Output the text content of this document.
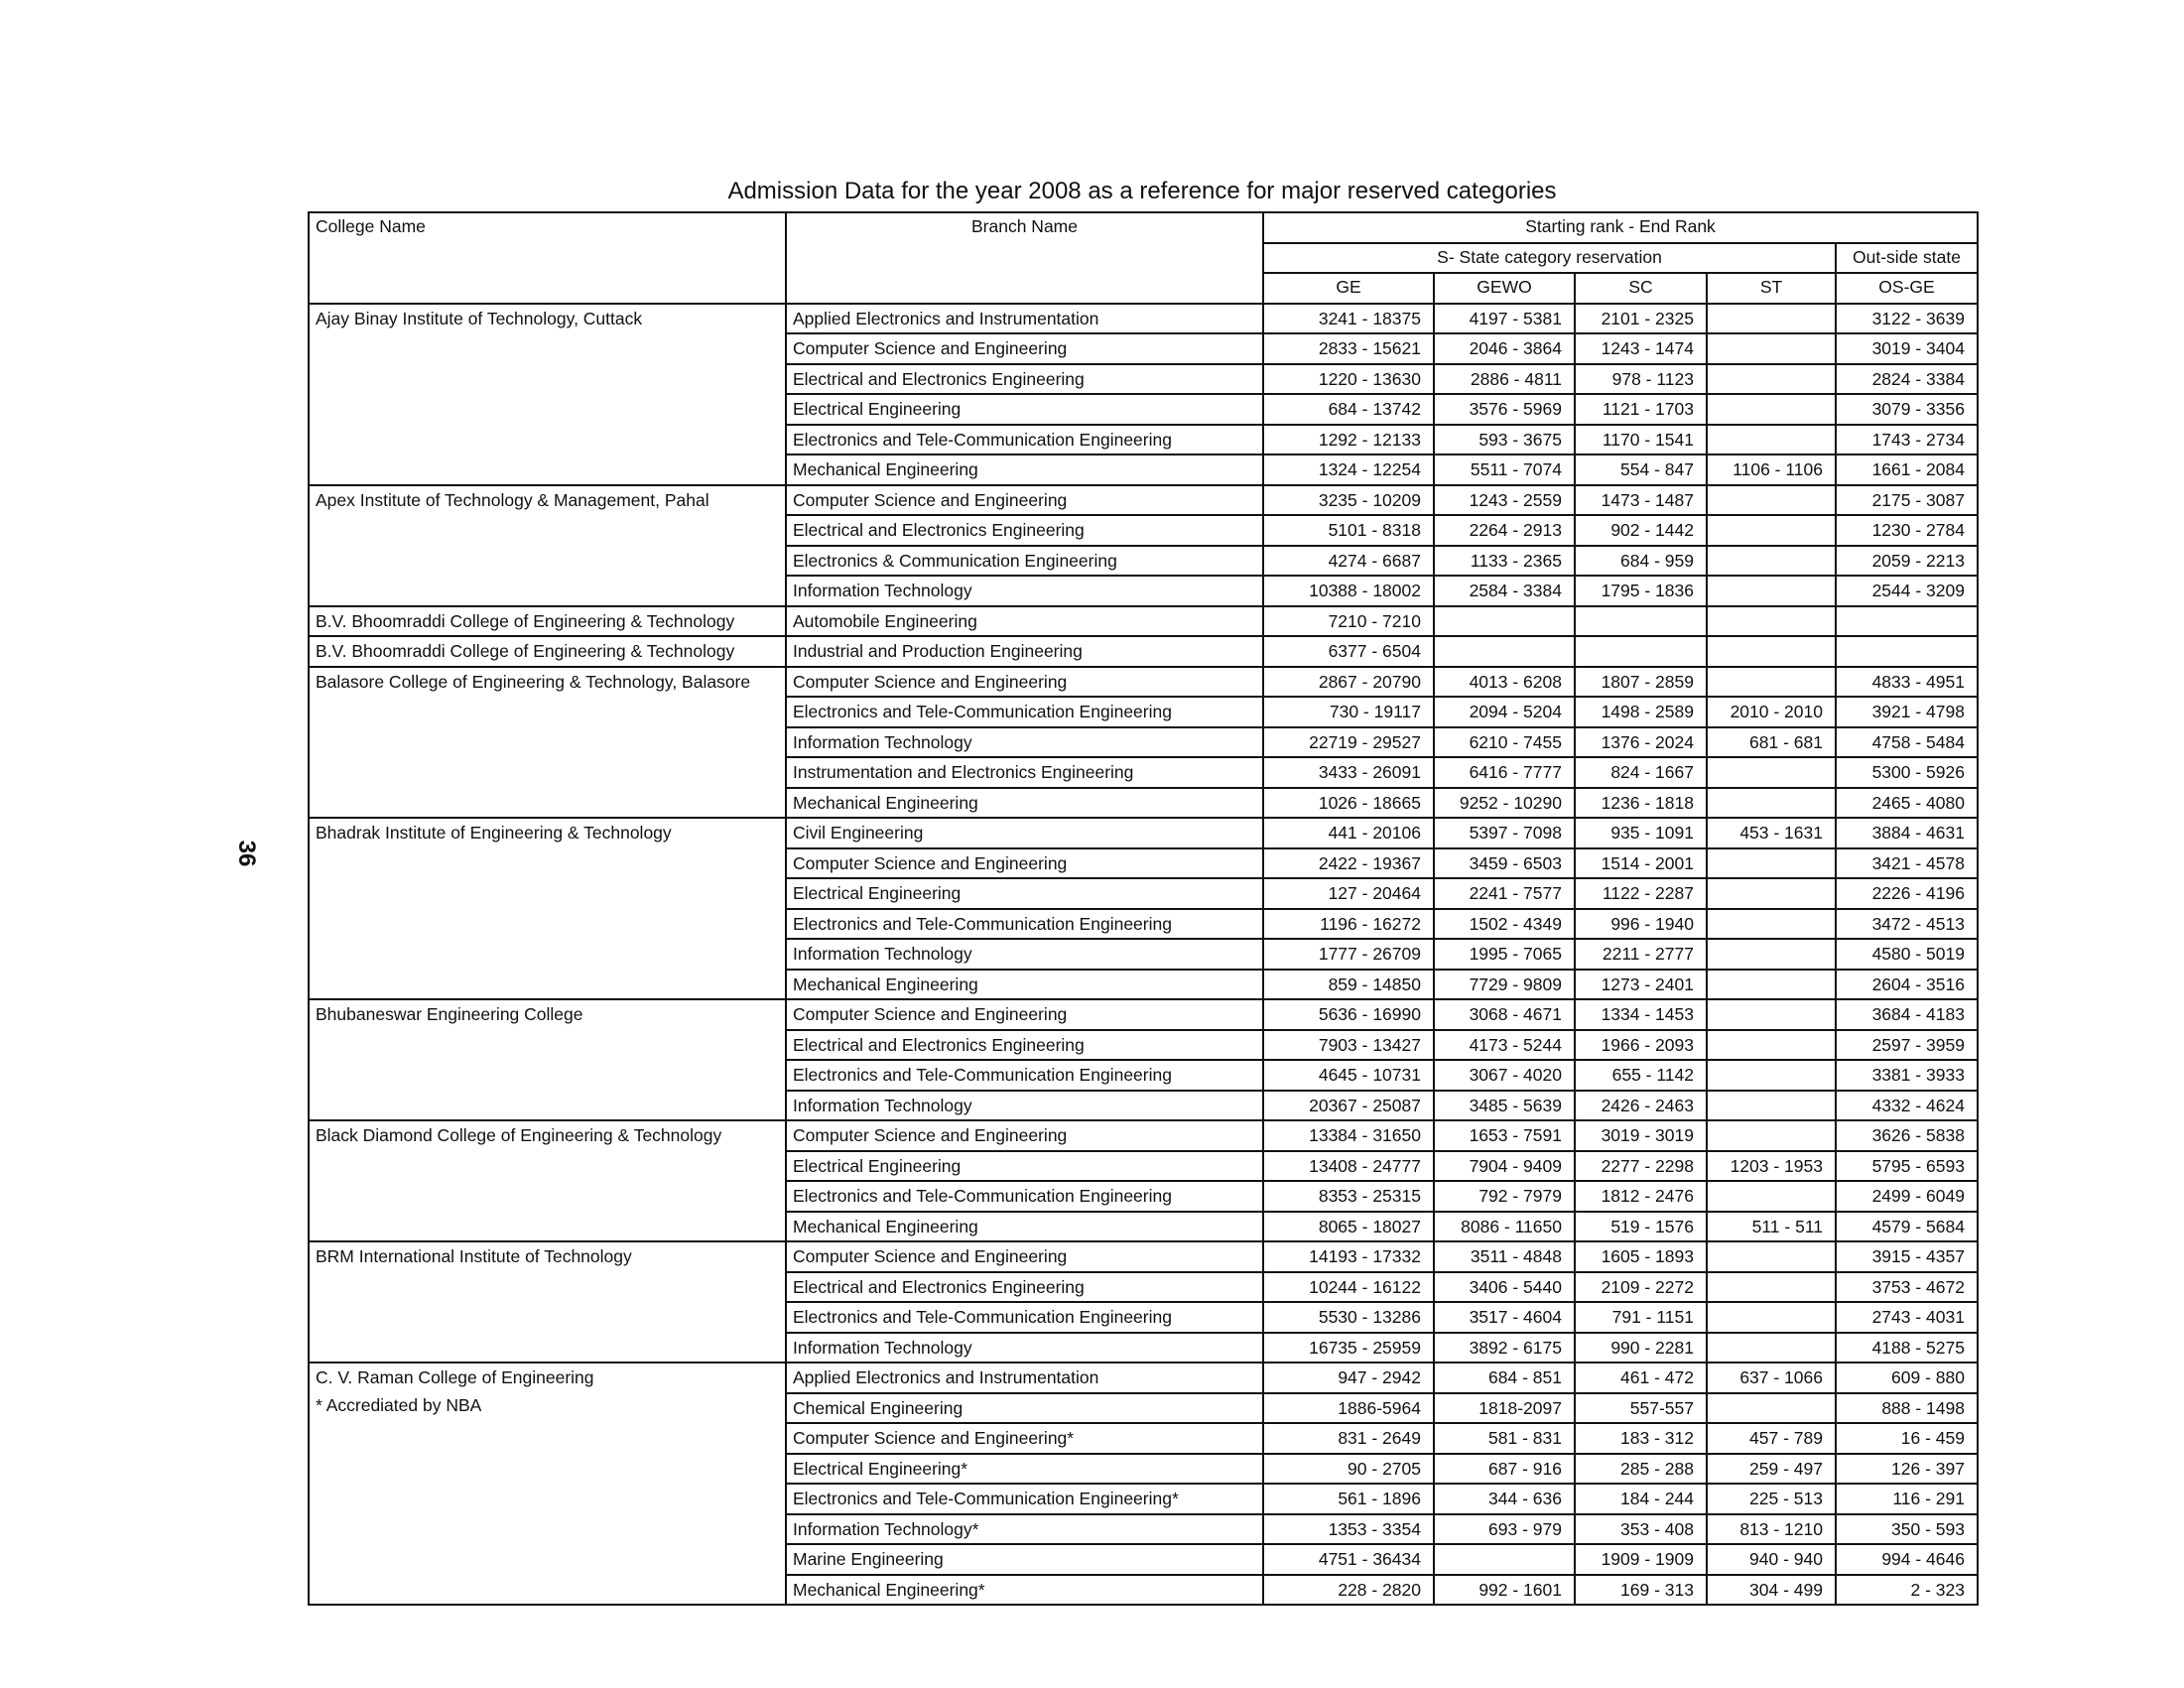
36
Admission Data for the year 2008 as a reference for major reserved categories
College Name	Branch Name	Starting rank - End Rank				
		S- State category reservation				Out-side state
		GE	GEWO	SC	ST	OS-GE

Ajay Binay Institute of Technology, Cuttack	Applied Electronics and Instrumentation	3241 - 18375	4197 - 5381	2101 - 2325		3122 - 3639
	Computer Science and Engineering	2833 - 15621	2046 - 3864	1243 - 1474		3019 - 3404
	Electrical and Electronics Engineering	1220 - 13630	2886 - 4811	978 - 1123		2824 - 3384
	Electrical Engineering	684 - 13742	3576 - 5969	1121 - 1703		3079 - 3356
	Electronics and Tele-Communication Engineering	1292 - 12133	593 - 3675	1170 - 1541		1743 - 2734
	Mechanical Engineering	1324 - 12254	5511 - 7074	554 - 847	1106 - 1106	1661 - 2084

Apex Institute of Technology & Management, Pahal	Computer Science and Engineering	3235 - 10209	1243 - 2559	1473 - 1487		2175 - 3087
	Electrical and Electronics Engineering	5101 - 8318	2264 - 2913	902 - 1442		1230 - 2784
	Electronics & Communication Engineering	4274 - 6687	1133 - 2365	684 - 959		2059 - 2213
	Information Technology	10388 - 18002	2584 - 3384	1795 - 1836		2544 - 3209

B.V. Bhoomraddi College of Engineering & Technology	Automobile Engineering	7210 - 7210				

B.V. Bhoomraddi College of Engineering & Technology	Industrial and Production Engineering	6377 - 6504				

Balasore College of Engineering & Technology, Balasore	Computer Science and Engineering	2867 - 20790	4013 - 6208	1807 - 2859		4833 - 4951
	Electronics and Tele-Communication Engineering	730 - 19117	2094 - 5204	1498 - 2589	2010 - 2010	3921 - 4798
	Information Technology	22719 - 29527	6210 - 7455	1376 - 2024	681 - 681	4758 - 5484
	Instrumentation and Electronics Engineering	3433 - 26091	6416 - 7777	824 - 1667		5300 - 5926
	Mechanical Engineering	1026 - 18665	9252 - 10290	1236 - 1818		2465 - 4080

Bhadrak Institute of Engineering & Technology	Civil Engineering	441 - 20106	5397 - 7098	935 - 1091	453 - 1631	3884 - 4631
	Computer Science and Engineering	2422 - 19367	3459 - 6503	1514 - 2001		3421 - 4578
	Electrical Engineering	127 - 20464	2241 - 7577	1122 - 2287		2226 - 4196
	Electronics and Tele-Communication Engineering	1196 - 16272	1502 - 4349	996 - 1940		3472 - 4513
	Information Technology	1777 - 26709	1995 - 7065	2211 - 2777		4580 - 5019
	Mechanical Engineering	859 - 14850	7729 - 9809	1273 - 2401		2604 - 3516

Bhubaneswar Engineering College	Computer Science and Engineering	5636 - 16990	3068 - 4671	1334 - 1453		3684 - 4183
	Electrical and Electronics Engineering	7903 - 13427	4173 - 5244	1966 - 2093		2597 - 3959
	Electronics and Tele-Communication Engineering	4645 - 10731	3067 - 4020	655 - 1142		3381 - 3933
	Information Technology	20367 - 25087	3485 - 5639	2426 - 2463		4332 - 4624

Black Diamond College of Engineering & Technology	Computer Science and Engineering	13384 - 31650	1653 - 7591	3019 - 3019		3626 - 5838
	Electrical Engineering	13408 - 24777	7904 - 9409	2277 - 2298	1203 - 1953	5795 - 6593
	Electronics and Tele-Communication Engineering	8353 - 25315	792 - 7979	1812 - 2476		2499 - 6049
	Mechanical Engineering	8065 - 18027	8086 - 11650	519 - 1576	511 - 511	4579 - 5684

BRM International Institute of Technology	Computer Science and Engineering	14193 - 17332	3511 - 4848	1605 - 1893		3915 - 4357
	Electrical and Electronics Engineering	10244 - 16122	3406 - 5440	2109 - 2272		3753 - 4672
	Electronics and Tele-Communication Engineering	5530 - 13286	3517 - 4604	791 - 1151		2743 - 4031
	Information Technology	16735 - 25959	3892 - 6175	990 - 2281		4188 - 5275

C. V. Raman College of Engineering
* Accrediated by NBA	Applied Electronics and Instrumentation	947 - 2942	684 - 851	461 - 472	637 - 1066	609 - 880
	Chemical Engineering	1886-5964	1818-2097	557-557		888 - 1498
	Computer Science and Engineering*	831 - 2649	581 - 831	183 - 312	457 - 789	16 - 459
	Electrical Engineering*	90 - 2705	687 - 916	285 - 288	259 - 497	126 - 397
	Electronics and Tele-Communication Engineering*	561 - 1896	344 - 636	184 - 244	225 - 513	116 - 291
	Information Technology*	1353 - 3354	693 - 979	353 - 408	813 - 1210	350 - 593
	Marine Engineering	4751 - 36434		1909 - 1909	940 - 940	994 - 4646
	Mechanical Engineering*	228 - 2820	992 - 1601	169 - 313	304 - 499	2 - 323
